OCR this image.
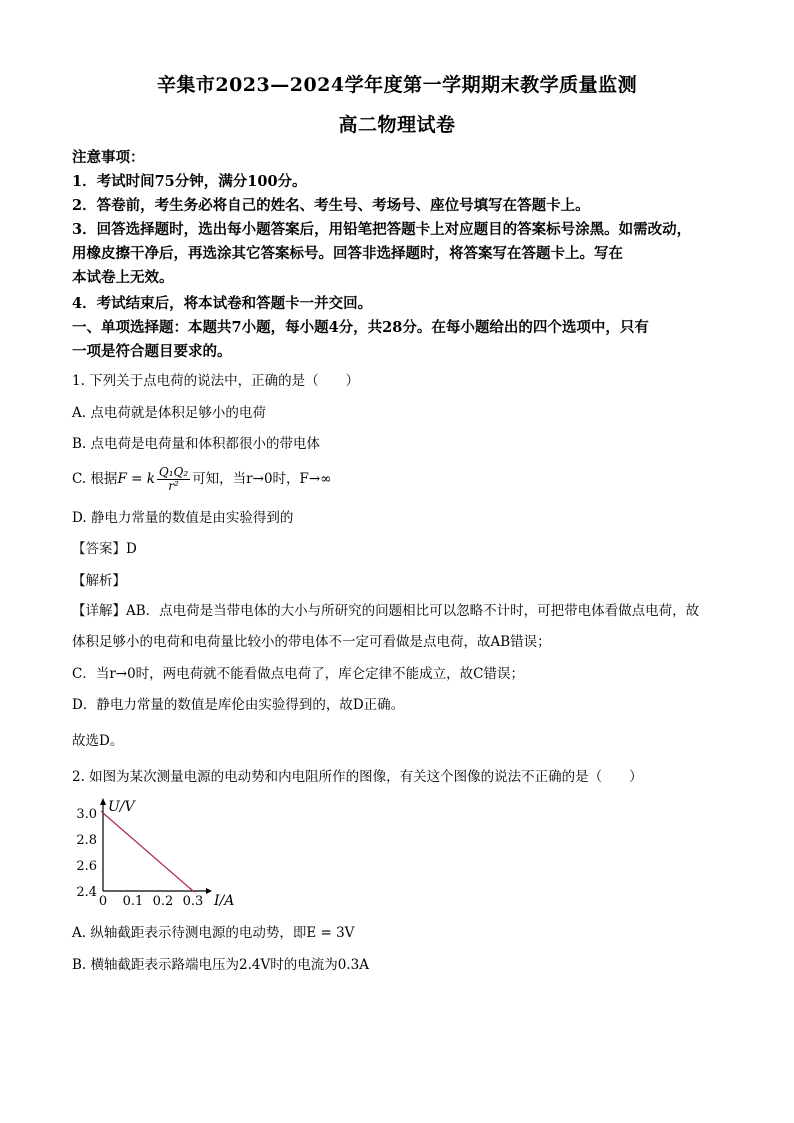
辛集市2023—2024学年度第一学期期末教学质量监测
高二物理试卷
注意事项：
1．考试时间75分钟，满分100分。
2．答卷前，考生务必将自己的姓名、考生号、考场号、座位号填写在答题卡上。
3．回答选择题时，选出每小题答案后，用铅笔把答题卡上对应题目的答案标号涂黑。如需改动，
用橡皮擦干净后，再选涂其它答案标号。回答非选择题时，将答案写在答题卡上。写在
本试卷上无效。
4．考试结束后，将本试卷和答题卡一并交回。
一、单项选择题：本题共7小题，每小题4分，共28分。在每小题给出的四个选项中，只有
一项是符合题目要求的。
1. 下列关于点电荷的说法中，正确的是（　　）
A. 点电荷就是体积足够小的电荷
B. 点电荷是电荷量和体积都很小的带电体
C. 根据F = k $\frac{\text{Q₁Q₂}}{\text{r²}}$ 可知，当r→0时，F→∞
D. 静电力常量的数值是由实验得到的
【答案】D
【解析】
【详解】AB．点电荷是当带电体的大小与所研究的问题相比可以忽略不计时，可把带电体看做点电荷，故
体积足够小的电荷和电荷量比较小的带电体不一定可看做是点电荷，故AB错误；
C．当r→0时，两电荷就不能看做点电荷了，库仑定律不能成立，故C错误；
D．静电力常量的数值是库伦由实验得到的，故D正确。
故选D。
2. 如图为某次测量电源的电动势和内电阻所作的图像，有关这个图像的说法不正确的是（　　）
I/A
U/V
0 0.1 0.2 0.3
2.4
2.6
2.8
3.0
A. 纵轴截距表示待测电源的电动势，即E = 3V
B. 横轴截距表示路端电压为2.4V时的电流为0.3A
